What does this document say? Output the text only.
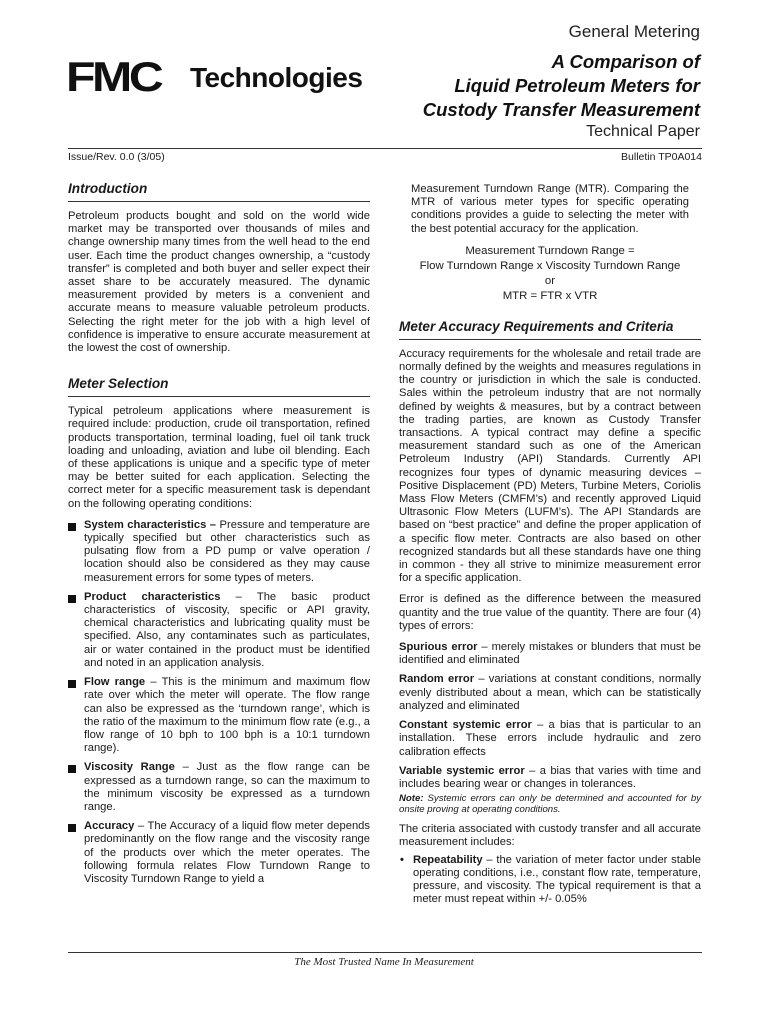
FMC Technologies
General Metering
A Comparison of
Liquid Petroleum Meters for
Custody Transfer Measurement
Technical Paper
Issue/Rev. 0.0 (3/05)	Bulletin TP0A014
Introduction

Petroleum products bought and sold on the world wide market may be transported over thousands of miles and change ownership many times from the well head to the end user. Each time the product changes ownership, a “custody transfer” is completed and both buyer and seller expect their asset share to be accurately measured. The dynamic measurement provided by meters is a convenient and accurate means to measure valuable petroleum products. Selecting the right meter for the job with a high level of confidence is imperative to ensure accurate measurement at the lowest the cost of ownership.

Meter Selection

Typical petroleum applications where measurement is required include: production, crude oil transportation, refined products transportation, terminal loading, fuel oil tank truck loading and unloading, aviation and lube oil blending. Each of these applications is unique and a specific type of meter may be better suited for each application. Selecting the correct meter for a specific measurement task is dependant on the following operating conditions:

System characteristics – Pressure and temperature are typically specified but other characteristics such as pulsating flow from a PD pump or valve operation / location should also be considered as they may cause measurement errors for some types of meters.
Product characteristics – The basic product characteristics of viscosity, specific or API gravity, chemical characteristics and lubricating quality must be specified. Also, any contaminates such as particulates, air or water contained in the product must be identified and noted in an application analysis.
Flow range – This is the minimum and maximum flow rate over which the meter will operate. The flow range can also be expressed as the ‘turndown range’, which is the ratio of the maximum to the minimum flow rate (e.g., a flow range of 10 bph to 100 bph is a 10:1 turndown range).
Viscosity Range – Just as the flow range can be expressed as a turndown range, so can the maximum to the minimum viscosity be expressed as a turndown range.
Accuracy – The Accuracy of a liquid flow meter depends predominantly on the flow range and the viscosity range of the products over which the meter operates. The following formula relates Flow Turndown Range to Viscosity Turndown Range to yield a

Measurement Turndown Range (MTR). Comparing the MTR of various meter types for specific operating conditions provides a guide to selecting the meter with the best potential accuracy for the application.

Measurement Turndown Range =
Flow Turndown Range x Viscosity Turndown Range
or
MTR = FTR x VTR
Meter Accuracy Requirements and Criteria

Accuracy requirements for the wholesale and retail trade are normally defined by the weights and measures regulations in the country or jurisdiction in which the sale is conducted. Sales within the petroleum industry that are not normally defined by weights & measures, but by a contract between the trading parties, are known as Custody Transfer transactions. A typical contract may define a specific measurement standard such as one of the American Petroleum Industry (API) Standards. Currently API recognizes four types of dynamic measuring devices – Positive Displacement (PD) Meters, Turbine Meters, Coriolis Mass Flow Meters (CMFM’s) and recently approved Liquid Ultrasonic Flow Meters (LUFM’s). The API Standards are based on “best practice” and define the proper application of a specific flow meter. Contracts are also based on other recognized standards but all these standards have one thing in common - they all strive to minimize measurement error for a specific application.

Error is defined as the difference between the measured quantity and the true value of the quantity. There are four (4) types of errors:

Spurious error – merely mistakes or blunders that must be identified and eliminated

Random error – variations at constant conditions, normally evenly distributed about a mean, which can be statistically analyzed and eliminated

Constant systemic error – a bias that is particular to an installation. These errors include hydraulic and zero calibration effects

Variable systemic error – a bias that varies with time and includes bearing wear or changes in tolerances.

Note: Systemic errors can only be determined and accounted for by onsite proving at operating conditions.

The criteria associated with custody transfer and all accurate measurement includes:

• Repeatability – the variation of meter factor under stable operating conditions, i.e., constant flow rate, temperature, pressure, and viscosity. The typical requirement is that a meter must repeat within +/- 0.05%
The Most Trusted Name In Measurement
